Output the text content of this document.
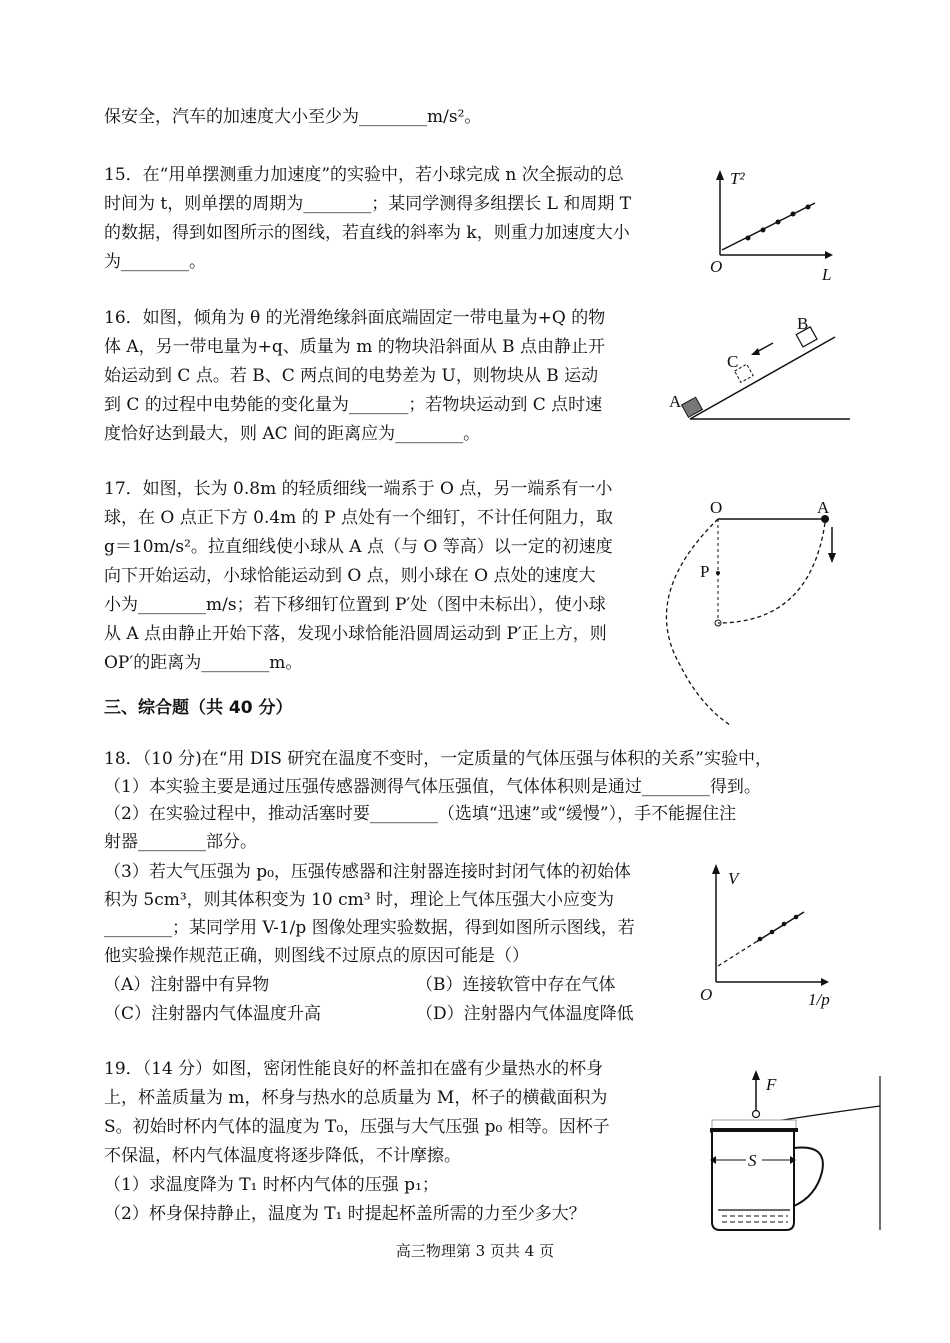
保安全，汽车的加速度大小至少为________m/s²。
15．在“用单摆测重力加速度”的实验中，若小球完成 n 次全振动的总
时间为 t，则单摆的周期为________；某同学测得多组摆长 L 和周期 T
的数据，得到如图所示的图线，若直线的斜率为 k，则重力加速度大小
为________。
T²
O	L
16．如图，倾角为 θ 的光滑绝缘斜面底端固定一带电量为+Q 的物
体 A，另一带电量为+q、质量为 m 的物块沿斜面从 B 点由静止开
始运动到 C 点。若 B、C 两点间的电势差为 U，则物块从 B 运动
到 C 的过程中电势能的变化量为_______；若物块运动到 C 点时速
度恰好达到最大，则 AC 间的距离应为________。
B
C
A
17．如图，长为 0.8m 的轻质细线一端系于 O 点，另一端系有一小
球，在 O 点正下方 0.4m 的 P 点处有一个细钉，不计任何阻力，取
g＝10m/s²。拉直细线使小球从 A 点（与 O 等高）以一定的初速度
向下开始运动，小球恰能运动到 O 点，则小球在 O 点处的速度大
小为________m/s；若下移细钉位置到 P′处（图中未标出），使小球
从 A 点由静止开始下落，发现小球恰能沿圆周运动到 P′正上方，则
OP′的距离为________m。
O	A
P
三、综合题（共 40 分）
18．（10 分)在“用 DIS 研究在温度不变时，一定质量的气体压强与体积的关系”实验中，
（1）本实验主要是通过压强传感器测得气体压强值，气体体积则是通过________得到。
（2）在实验过程中，推动活塞时要________（选填“迅速”或“缓慢”），手不能握住注
射器________部分。
（3）若大气压强为 p₀，压强传感器和注射器连接时封闭气体的初始体
积为 5cm³，则其体积变为 10 cm³ 时，理论上气体压强大小应变为
________；某同学用 V-1/p 图像处理实验数据，得到如图所示图线，若
他实验操作规范正确，则图线不过原点的原因可能是（）
（A）注射器中有异物	（B）连接软管中存在气体
（C）注射器内气体温度升高	（D）注射器内气体温度降低
V
O	1/p
19．（14 分）如图，密闭性能良好的杯盖扣在盛有少量热水的杯身
上，杯盖质量为 m，杯身与热水的总质量为 M，杯子的横截面积为
S。初始时杯内气体的温度为 T₀，压强与大气压强 p₀ 相等。因杯子
不保温，杯内气体温度将逐步降低，不计摩擦。
（1）求温度降为 T₁ 时杯内气体的压强 p₁；
（2）杯身保持静止，温度为 T₁ 时提起杯盖所需的力至少多大？
F
S
高三物理第 3 页共 4 页
